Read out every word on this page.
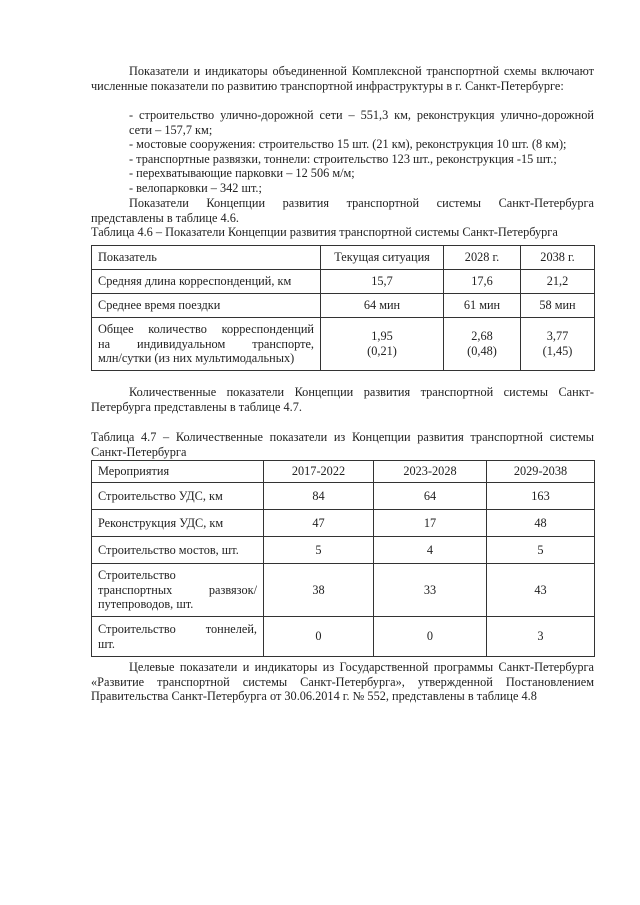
Показатели и индикаторы объединенной Комплексной транспортной схемы включают численные показатели по развитию транспортной инфраструктуры в г. Санкт-Петербурге:
- строительство улично-дорожной сети – 551,3 км, реконструкция улично-дорожной сети – 157,7 км;
- мостовые сооружения: строительство 15 шт. (21 км), реконструкция 10 шт. (8 км);
- транспортные развязки, тоннели: строительство 123 шт., реконструкция -15 шт.;
- перехватывающие парковки – 12 506 м/м;
- велопарковки – 342 шт.;
Показатели Концепции развития транспортной системы Санкт-Петербурга представлены в таблице 4.6.
Таблица 4.6 – Показатели Концепции развития транспортной системы Санкт-Петербурга
Показатель	Текущая ситуация	2028 г.	2038 г.
Средняя длина корреспонденций, км	15,7	17,6	21,2
Среднее время поездки	64 мин	61 мин	58 мин

Общее количество корреспонденций
на индивидуальном транспорте,
млн/сутки (из них мультимодальных)	1,95
(0,21)	2,68
(0,48)	3,77
(1,45)
Количественные показатели Концепции развития транспортной системы Санкт-Петербурга представлены в таблице 4.7.
Таблица 4.7 – Количественные показатели из Концепции развития транспортной системы Санкт-Петербурга
Мероприятия	2017-2022	2023-2028	2029-2038
Строительство УДС, км	84	64	163
Реконструкция УДС, км	47	17	48
Строительство мостов, шт.	5	4	5

Строительство
транспортных развязок/
путепроводов, шт.	38	33	43

Строительство тоннелей,
шт.	0	0	3
Целевые показатели и индикаторы из Государственной программы Санкт-Петербурга «Развитие транспортной системы Санкт-Петербурга», утвержденной Постановлением Правительства Санкт-Петербурга от 30.06.2014 г. № 552, представлены в таблице 4.8
